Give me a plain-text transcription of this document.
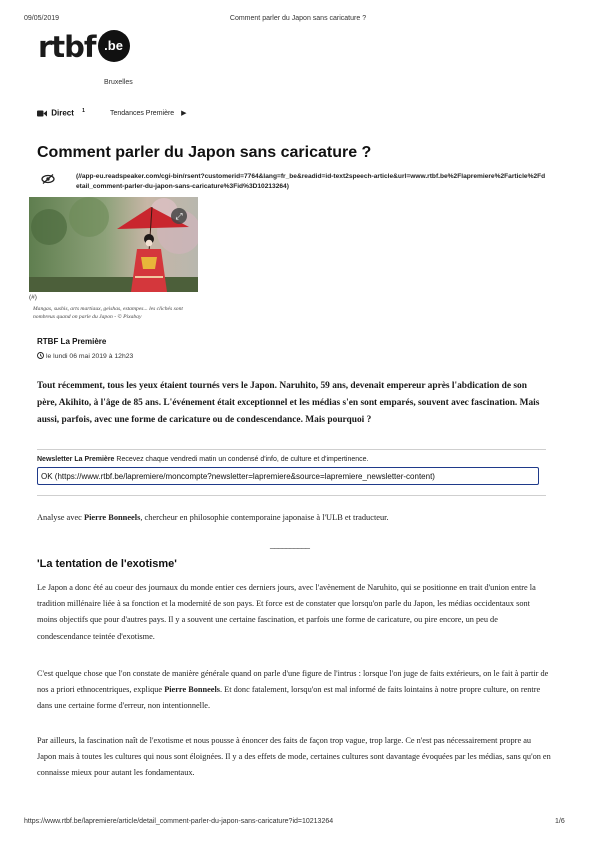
09/05/2019	Comment parler du Japon sans caricature ?
rtbf .be
Bruxelles
Direct $^1$	Tendances Première ▶
Comment parler du Japon sans caricature ?
(//app-eu.readspeaker.com/cgi-bin/rsent?customerid=7764&lang=fr_be&readid=id-text2speech-article&url=www.rtbf.be%2Flapremiere%2Farticle%2Fdetail_comment-parler-du-japon-sans-caricature%3Fid%3D10213264)
⤢
(#)
Mangas, sushis, arts martiaux, geishas, estampes... les clichés sont nombreux quand on parle du Japon - © Pixabay
RTBF La Première
le lundi 06 mai 2019 à 12h23
Tout récemment, tous les yeux étaient tournés vers le Japon. Naruhito, 59 ans, devenait empereur après l'abdication de son père, Akihito, à l'âge de 85 ans. L'événement était exceptionnel et les médias s'en sont emparés, souvent avec fascination. Mais aussi, parfois, avec une forme de caricature ou de condescendance. Mais pourquoi ?
Newsletter La Première Recevez chaque vendredi matin un condensé d'info, de culture et d'impertinence.
OK (https://www.rtbf.be/lapremiere/moncompte?newsletter=lapremiere&source=lapremiere_newsletter-content)
Analyse avec Pierre Bonneels, chercheur en philosophie contemporaine japonaise à l'ULB et traducteur.
__________
'La tentation de l'exotisme'

Le Japon a donc été au coeur des journaux du monde entier ces derniers jours, avec l'avènement de Naruhito, qui se positionne en trait d'union entre la tradition millénaire liée à sa fonction et la modernité de son pays. Et force est de constater que lorsqu'on parle du Japon, les médias occidentaux sont moins objectifs que pour d'autres pays. Il y a souvent une certaine fascination, et parfois une forme de caricature, ou pire encore, un peu de condescendance teintée d'exotisme.

C'est quelque chose que l'on constate de manière générale quand on parle d'une figure de l'intrus : lorsque l'on juge de faits extérieurs, on le fait à partir de nos a priori ethnocentriques, explique Pierre Bonneels. Et donc fatalement, lorsqu'on est mal informé de faits lointains à notre propre culture, on rentre dans une certaine forme d'erreur, non intentionnelle.

Par ailleurs, la fascination naît de l'exotisme et nous pousse à énoncer des faits de façon trop vague, trop large. Ce n'est pas nécessairement propre au Japon mais à toutes les cultures qui nous sont éloignées. Il y a des effets de mode, certaines cultures sont davantage évoquées par les médias, sans qu'on en connaisse mieux pour autant les fondamentaux.

https://www.rtbf.be/lapremiere/article/detail_comment-parler-du-japon-sans-caricature?id=10213264	1/6
